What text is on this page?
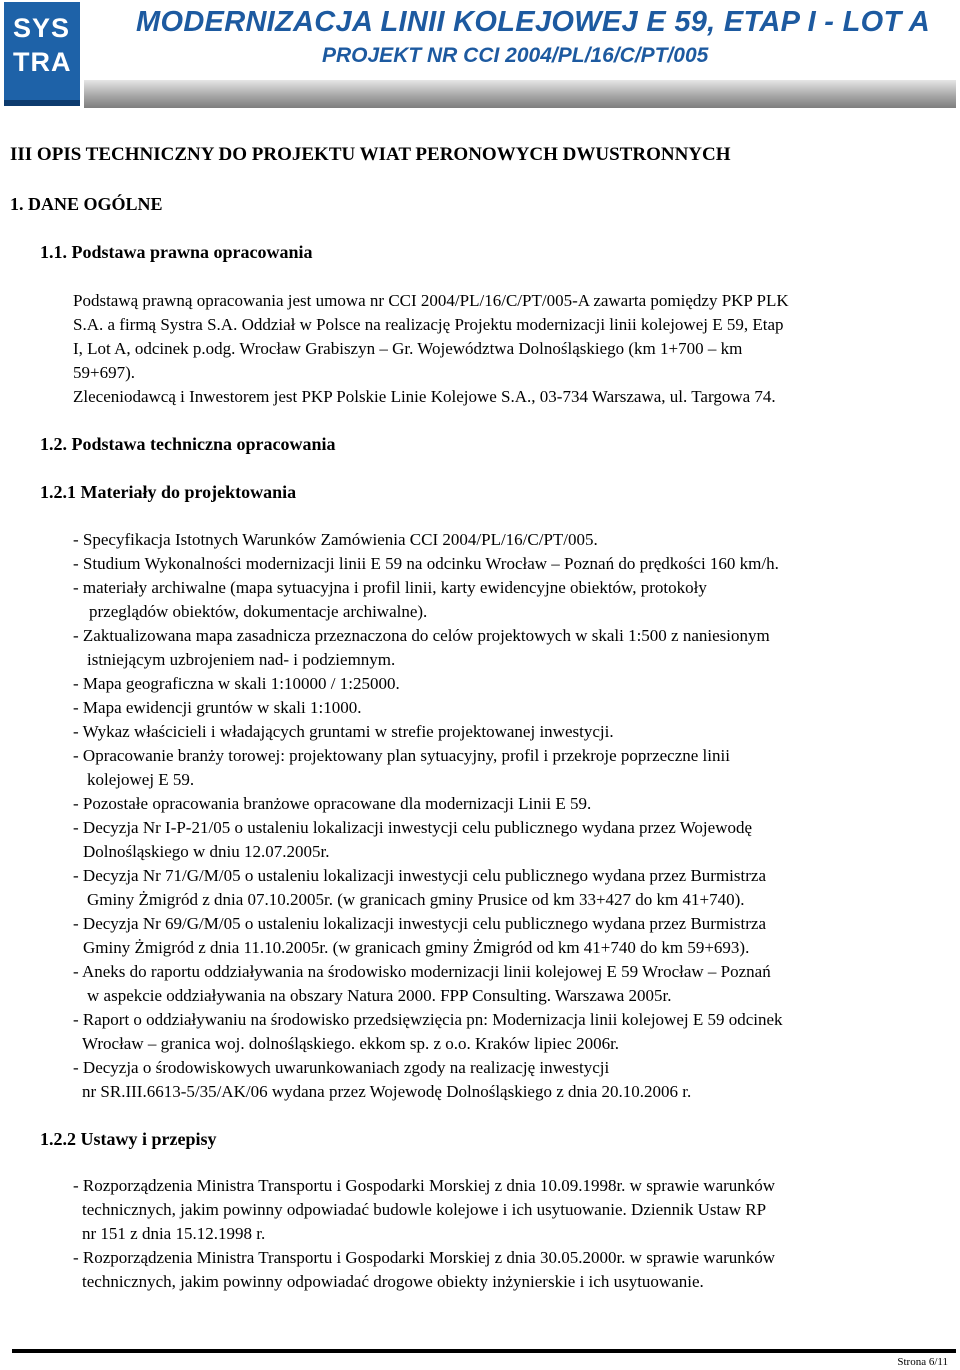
SYS
TRA
MODERNIZACJA LINII KOLEJOWEJ E 59, ETAP I - LOT A
PROJEKT NR CCI 2004/PL/16/C/PT/005
III OPIS TECHNICZNY DO PROJEKTU WIAT PERONOWYCH DWUSTRONNYCH
1. DANE OGÓLNE
1.1. Podstawa prawna opracowania
Podstawą prawną opracowania jest umowa nr CCI 2004/PL/16/C/PT/005-A zawarta pomiędzy PKP PLK
S.A. a firmą Systra S.A. Oddział w Polsce na realizację Projektu modernizacji linii kolejowej E 59, Etap
I, Lot A, odcinek p.odg. Wrocław Grabiszyn – Gr. Województwa Dolnośląskiego (km 1+700 – km
59+697).
Zleceniodawcą i Inwestorem jest PKP Polskie Linie Kolejowe S.A., 03-734 Warszawa, ul. Targowa 74.
1.2. Podstawa techniczna opracowania
1.2.1 Materiały do projektowania
- Specyfikacja Istotnych Warunków Zamówienia CCI 2004/PL/16/C/PT/005.
- Studium Wykonalności modernizacji linii E 59 na odcinku Wrocław – Poznań do prędkości 160 km/h.
- materiały archiwalne (mapa sytuacyjna i profil linii, karty ewidencyjne obiektów, protokoły
przeglądów obiektów, dokumentacje archiwalne).
- Zaktualizowana mapa zasadnicza przeznaczona do celów projektowych w skali 1:500 z naniesionym
istniejącym uzbrojeniem nad- i podziemnym.
- Mapa geograficzna w skali 1:10000 / 1:25000.
- Mapa ewidencji gruntów w skali 1:1000.
- Wykaz właścicieli i władających gruntami w strefie projektowanej inwestycji.
- Opracowanie branży torowej: projektowany plan sytuacyjny, profil i przekroje poprzeczne linii
kolejowej E 59.
- Pozostałe opracowania branżowe opracowane dla modernizacji Linii E 59.
- Decyzja Nr I-P-21/05 o ustaleniu lokalizacji inwestycji celu publicznego wydana przez Wojewodę
Dolnośląskiego w dniu 12.07.2005r.
- Decyzja Nr 71/G/M/05 o ustaleniu lokalizacji inwestycji celu publicznego wydana przez Burmistrza
Gminy Żmigród z dnia 07.10.2005r. (w granicach gminy Prusice od km 33+427 do km 41+740).
- Decyzja Nr 69/G/M/05 o ustaleniu lokalizacji inwestycji celu publicznego wydana przez Burmistrza
Gminy Żmigród z dnia 11.10.2005r. (w granicach gminy Żmigród od km 41+740 do km 59+693).
- Aneks do raportu oddziaływania na środowisko modernizacji linii kolejowej E 59 Wrocław – Poznań
w aspekcie oddziaływania na obszary Natura 2000. FPP Consulting. Warszawa 2005r.
- Raport o oddziaływaniu na środowisko przedsięwzięcia pn: Modernizacja linii kolejowej E 59 odcinek
Wrocław – granica woj. dolnośląskiego. ekkom sp. z o.o. Kraków lipiec 2006r.
- Decyzja o środowiskowych uwarunkowaniach zgody na realizację inwestycji
nr SR.III.6613-5/35/AK/06 wydana przez Wojewodę Dolnośląskiego z dnia 20.10.2006 r.
1.2.2 Ustawy i przepisy
- Rozporządzenia Ministra Transportu i Gospodarki Morskiej z dnia 10.09.1998r. w sprawie warunków
technicznych, jakim powinny odpowiadać budowle kolejowe i ich usytuowanie. Dziennik Ustaw RP
nr 151 z dnia 15.12.1998 r.
- Rozporządzenia Ministra Transportu i Gospodarki Morskiej z dnia 30.05.2000r. w sprawie warunków
technicznych, jakim powinny odpowiadać drogowe obiekty inżynierskie i ich usytuowanie.
Strona 6/11
